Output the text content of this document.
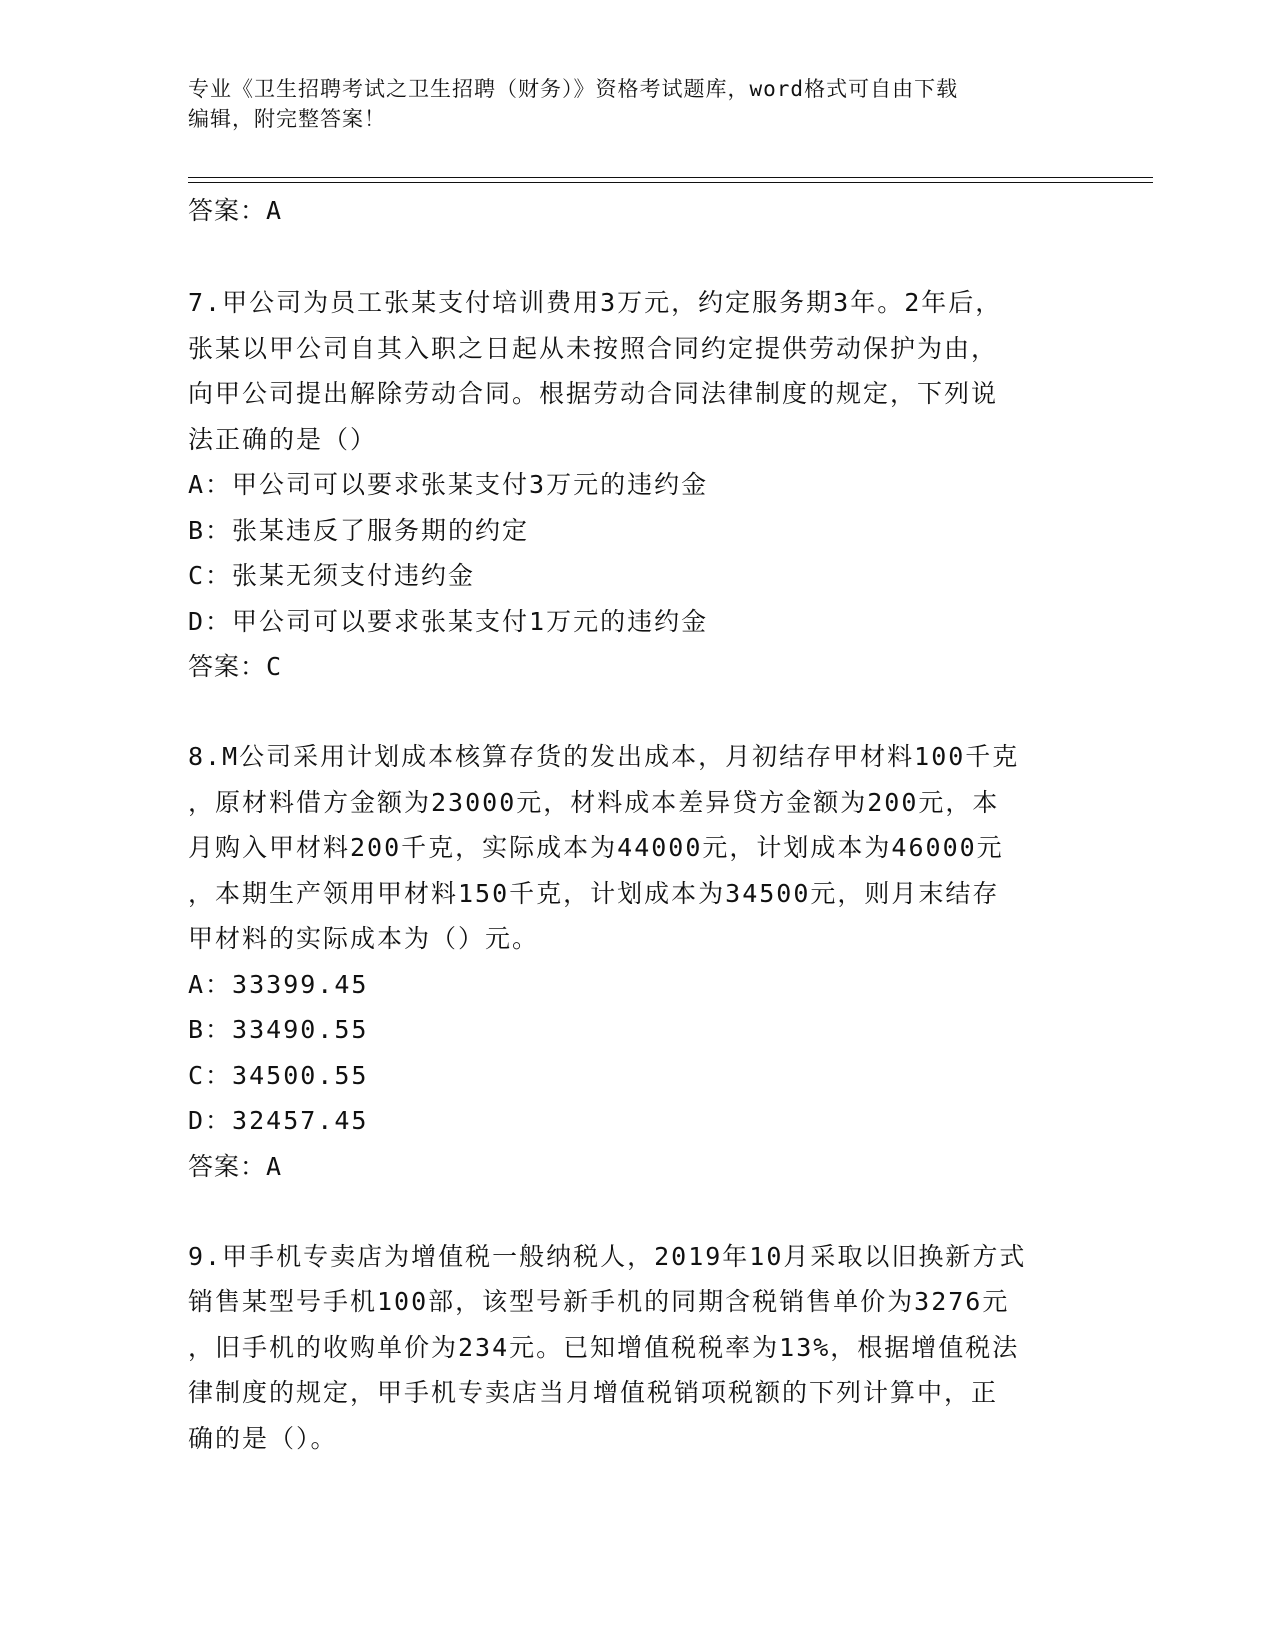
专业《卫生招聘考试之卫生招聘（财务）》资格考试题库，word格式可自由下载
编辑，附完整答案！
答案：A
7.甲公司为员工张某支付培训费用3万元，约定服务期3年。2年后，
张某以甲公司自其入职之日起从未按照合同约定提供劳动保护为由，
向甲公司提出解除劳动合同。根据劳动合同法律制度的规定，下列说
法正确的是（）
A：甲公司可以要求张某支付3万元的违约金
B：张某违反了服务期的约定
C：张某无须支付违约金
D：甲公司可以要求张某支付1万元的违约金
答案：C
8.M公司采用计划成本核算存货的发出成本，月初结存甲材料100千克
，原材料借方金额为23000元，材料成本差异贷方金额为200元，本
月购入甲材料200千克，实际成本为44000元，计划成本为46000元
，本期生产领用甲材料150千克，计划成本为34500元，则月末结存
甲材料的实际成本为（）元。
A：33399.45
B：33490.55
C：34500.55
D：32457.45
答案：A
9.甲手机专卖店为增值税一般纳税人，2019年10月采取以旧换新方式
销售某型号手机100部，该型号新手机的同期含税销售单价为3276元
，旧手机的收购单价为234元。已知增值税税率为13%，根据增值税法
律制度的规定，甲手机专卖店当月增值税销项税额的下列计算中，正
确的是（）。
